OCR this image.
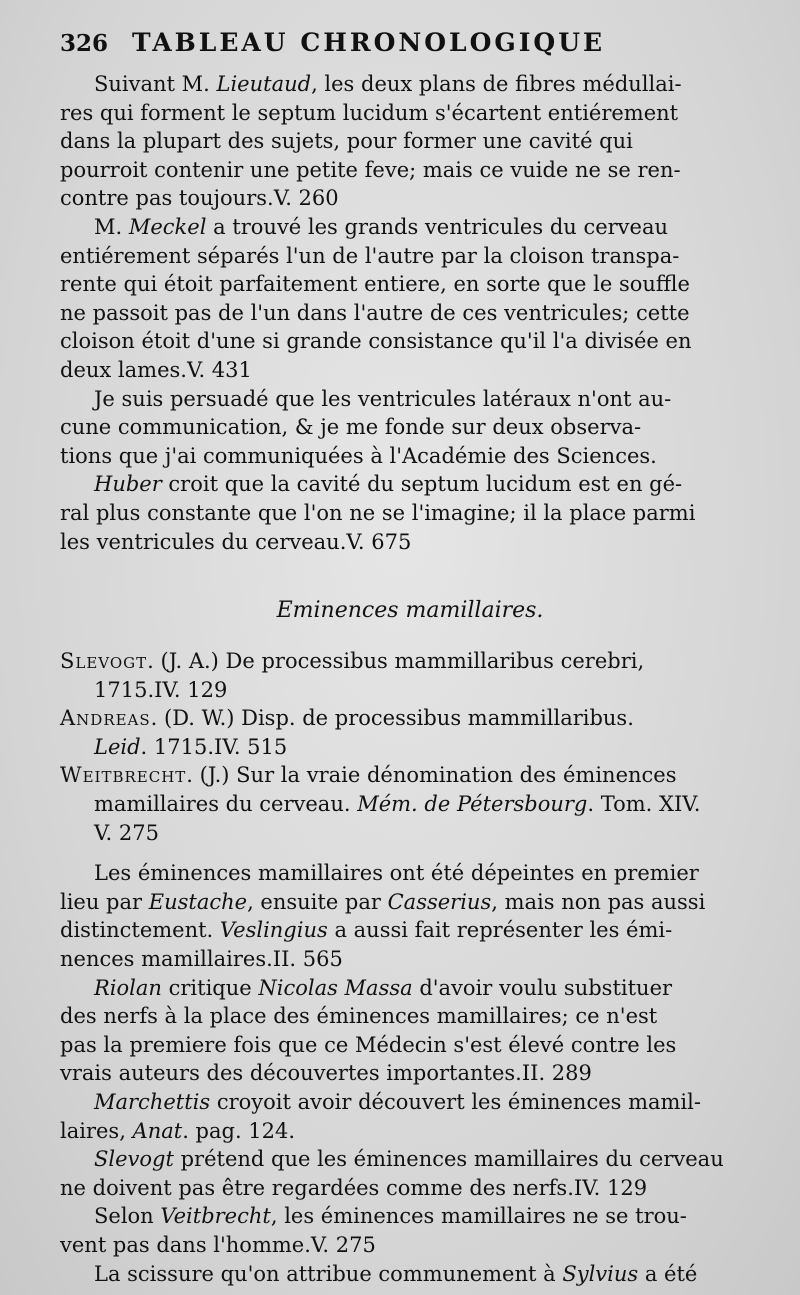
326 TABLEAU CHRONOLOGIQUE
Suivant M. Lieutaud, les deux plans de fibres médullai-
res qui forment le septum lucidum s'écartent entiérement
dans la plupart des sujets, pour former une cavité qui
pourroit contenir une petite feve; mais ce vuide ne se ren-
contre pas toujours.V. 260
M. Meckel a trouvé les grands ventricules du cerveau
entiérement séparés l'un de l'autre par la cloison transpa-
rente qui étoit parfaitement entiere, en sorte que le souffle
ne passoit pas de l'un dans l'autre de ces ventricules; cette
cloison étoit d'une si grande consistance qu'il l'a divisée en
deux lames.V. 431
Je suis persuadé que les ventricules latéraux n'ont au-
cune communication, & je me fonde sur deux observa-
tions que j'ai communiquées à l'Académie des Sciences.
Huber croit que la cavité du septum lucidum est en gé-
ral plus constante que l'on ne se l'imagine; il la place parmi
les ventricules du cerveau.V. 675
Eminences mamillaires.
Slevogt. (J. A.) De processibus mammillaribus cerebri,
1715.IV. 129
Andreas. (D. W.) Disp. de processibus mammillaribus.
Leid. 1715.IV. 515
Weitbrecht. (J.) Sur la vraie dénomination des éminences
mamillaires du cerveau. Mém. de Pétersbourg. Tom. XIV.
V. 275
Les éminences mamillaires ont été dépeintes en premier
lieu par Eustache, ensuite par Casserius, mais non pas aussi
distinctement. Veslingius a aussi fait représenter les émi-
nences mamillaires.II. 565
Riolan critique Nicolas Massa d'avoir voulu substituer
des nerfs à la place des éminences mamillaires; ce n'est
pas la premiere fois que ce Médecin s'est élevé contre les
vrais auteurs des découvertes importantes.II. 289
Marchettis croyoit avoir découvert les éminences mamil-
laires, Anat. pag. 124.
Slevogt prétend que les éminences mamillaires du cerveau
ne doivent pas être regardées comme des nerfs.IV. 129
Selon Veitbrecht, les éminences mamillaires ne se trou-
vent pas dans l'homme.V. 275
La scissure qu'on attribue communement à Sylvius a été
